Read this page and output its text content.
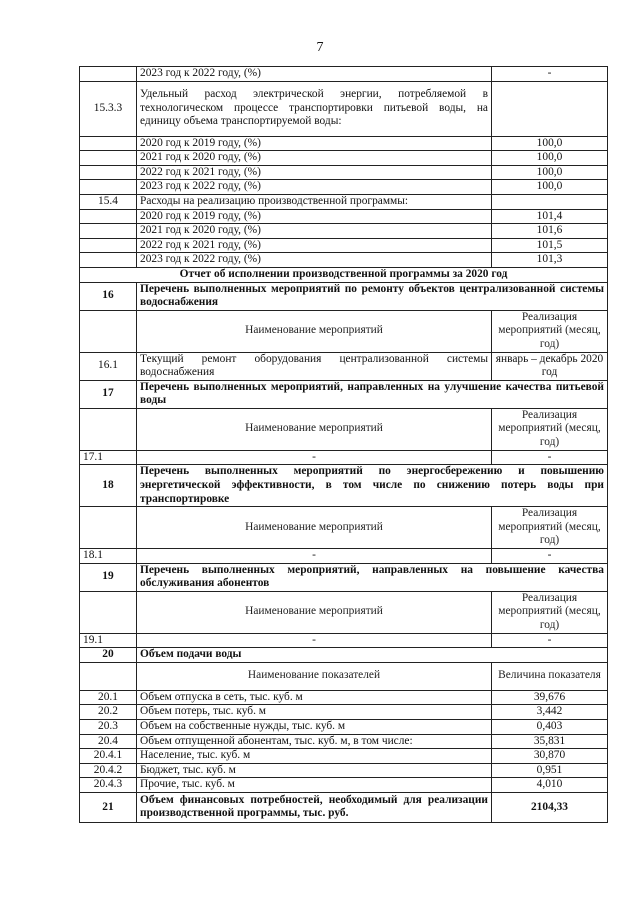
7
	2023 год к 2022 году, (%)	-
15.3.3	Удельный расход электрической энергии, потребляемой в технологическом процессе транспортировки питьевой воды, на единицу объема транспортируемой воды:	
	2020 год к 2019 году, (%)	100,0
	2021 год к 2020 году, (%)	100,0
	2022 год к 2021 году, (%)	100,0
	2023 год к 2022 году, (%)	100,0
15.4	Расходы на реализацию производственной программы:	
	2020 год к 2019 году, (%)	101,4
	2021 год к 2020 году, (%)	101,6
	2022 год к 2021 году, (%)	101,5
	2023 год к 2022 году, (%)	101,3
Отчет об исполнении производственной программы за 2020 год		
16	Перечень выполненных мероприятий по ремонту объектов централизованной системы водоснабжения	
	Наименование мероприятий	Реализация мероприятий (месяц, год)
16.1	Текущий ремонт оборудования централизованной системы водоснабжения	январь – декабрь 2020 год
17	Перечень выполненных мероприятий, направленных на улучшение качества питьевой воды	
	Наименование мероприятий	Реализация мероприятий (месяц, год)
17.1	-	-
18	Перечень выполненных мероприятий по энергосбережению и повышению энергетической эффективности, в том числе по снижению потерь воды при транспортировке	
	Наименование мероприятий	Реализация мероприятий (месяц, год)
18.1	-	-
19	Перечень выполненных мероприятий, направленных на повышение качества обслуживания абонентов	
	Наименование мероприятий	Реализация мероприятий (месяц, год)
19.1	-	-
20	Объем подачи воды	
	Наименование показателей	Величина показателя
20.1	Объем отпуска в сеть, тыс. куб. м	39,676
20.2	Объем потерь, тыс. куб. м	3,442
20.3	Объем на собственные нужды, тыс. куб. м	0,403
20.4	Объем отпущенной абонентам, тыс. куб. м, в том числе:	35,831
20.4.1	Население, тыс. куб. м	30,870
20.4.2	Бюджет, тыс. куб. м	0,951
20.4.3	Прочие, тыс. куб. м	4,010
21	Объем финансовых потребностей, необходимый для реализации производственной программы, тыс. руб.	2104,33
